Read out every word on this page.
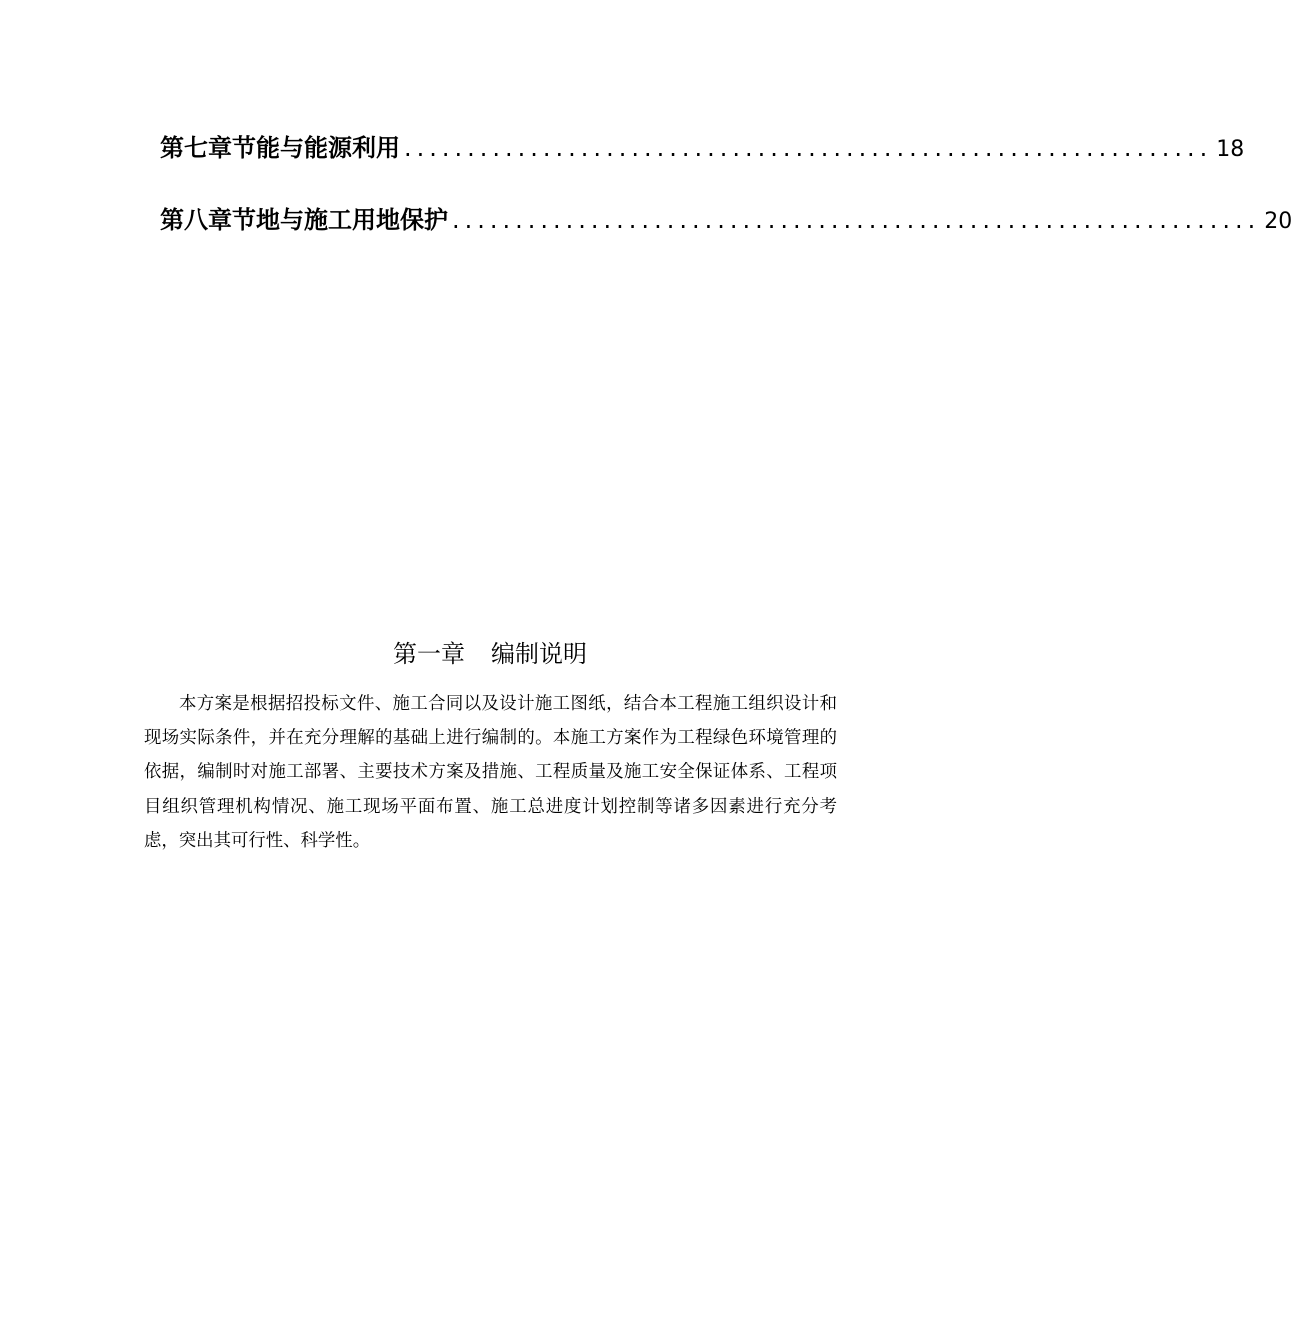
第七章 节能与能源利用 ................................................................ 18
第八章 节地与施工用地保护 ................................................................ 20
第一章 编制说明

本方案是根据招投标文件、施工合同以及设计施工图纸，结合本工程施工组织设计和现场实际条件，并在充分理解的基础上进行编制的。本施工方案作为工程绿色环境管理的依据，编制时对施工部署、主要技术方案及措施、工程质量及施工安全保证体系、工程项目组织管理机构情况、施工现场平面布置、施工总进度计划控制等诸多因素进行充分考虑，突出其可行性、科学性。
